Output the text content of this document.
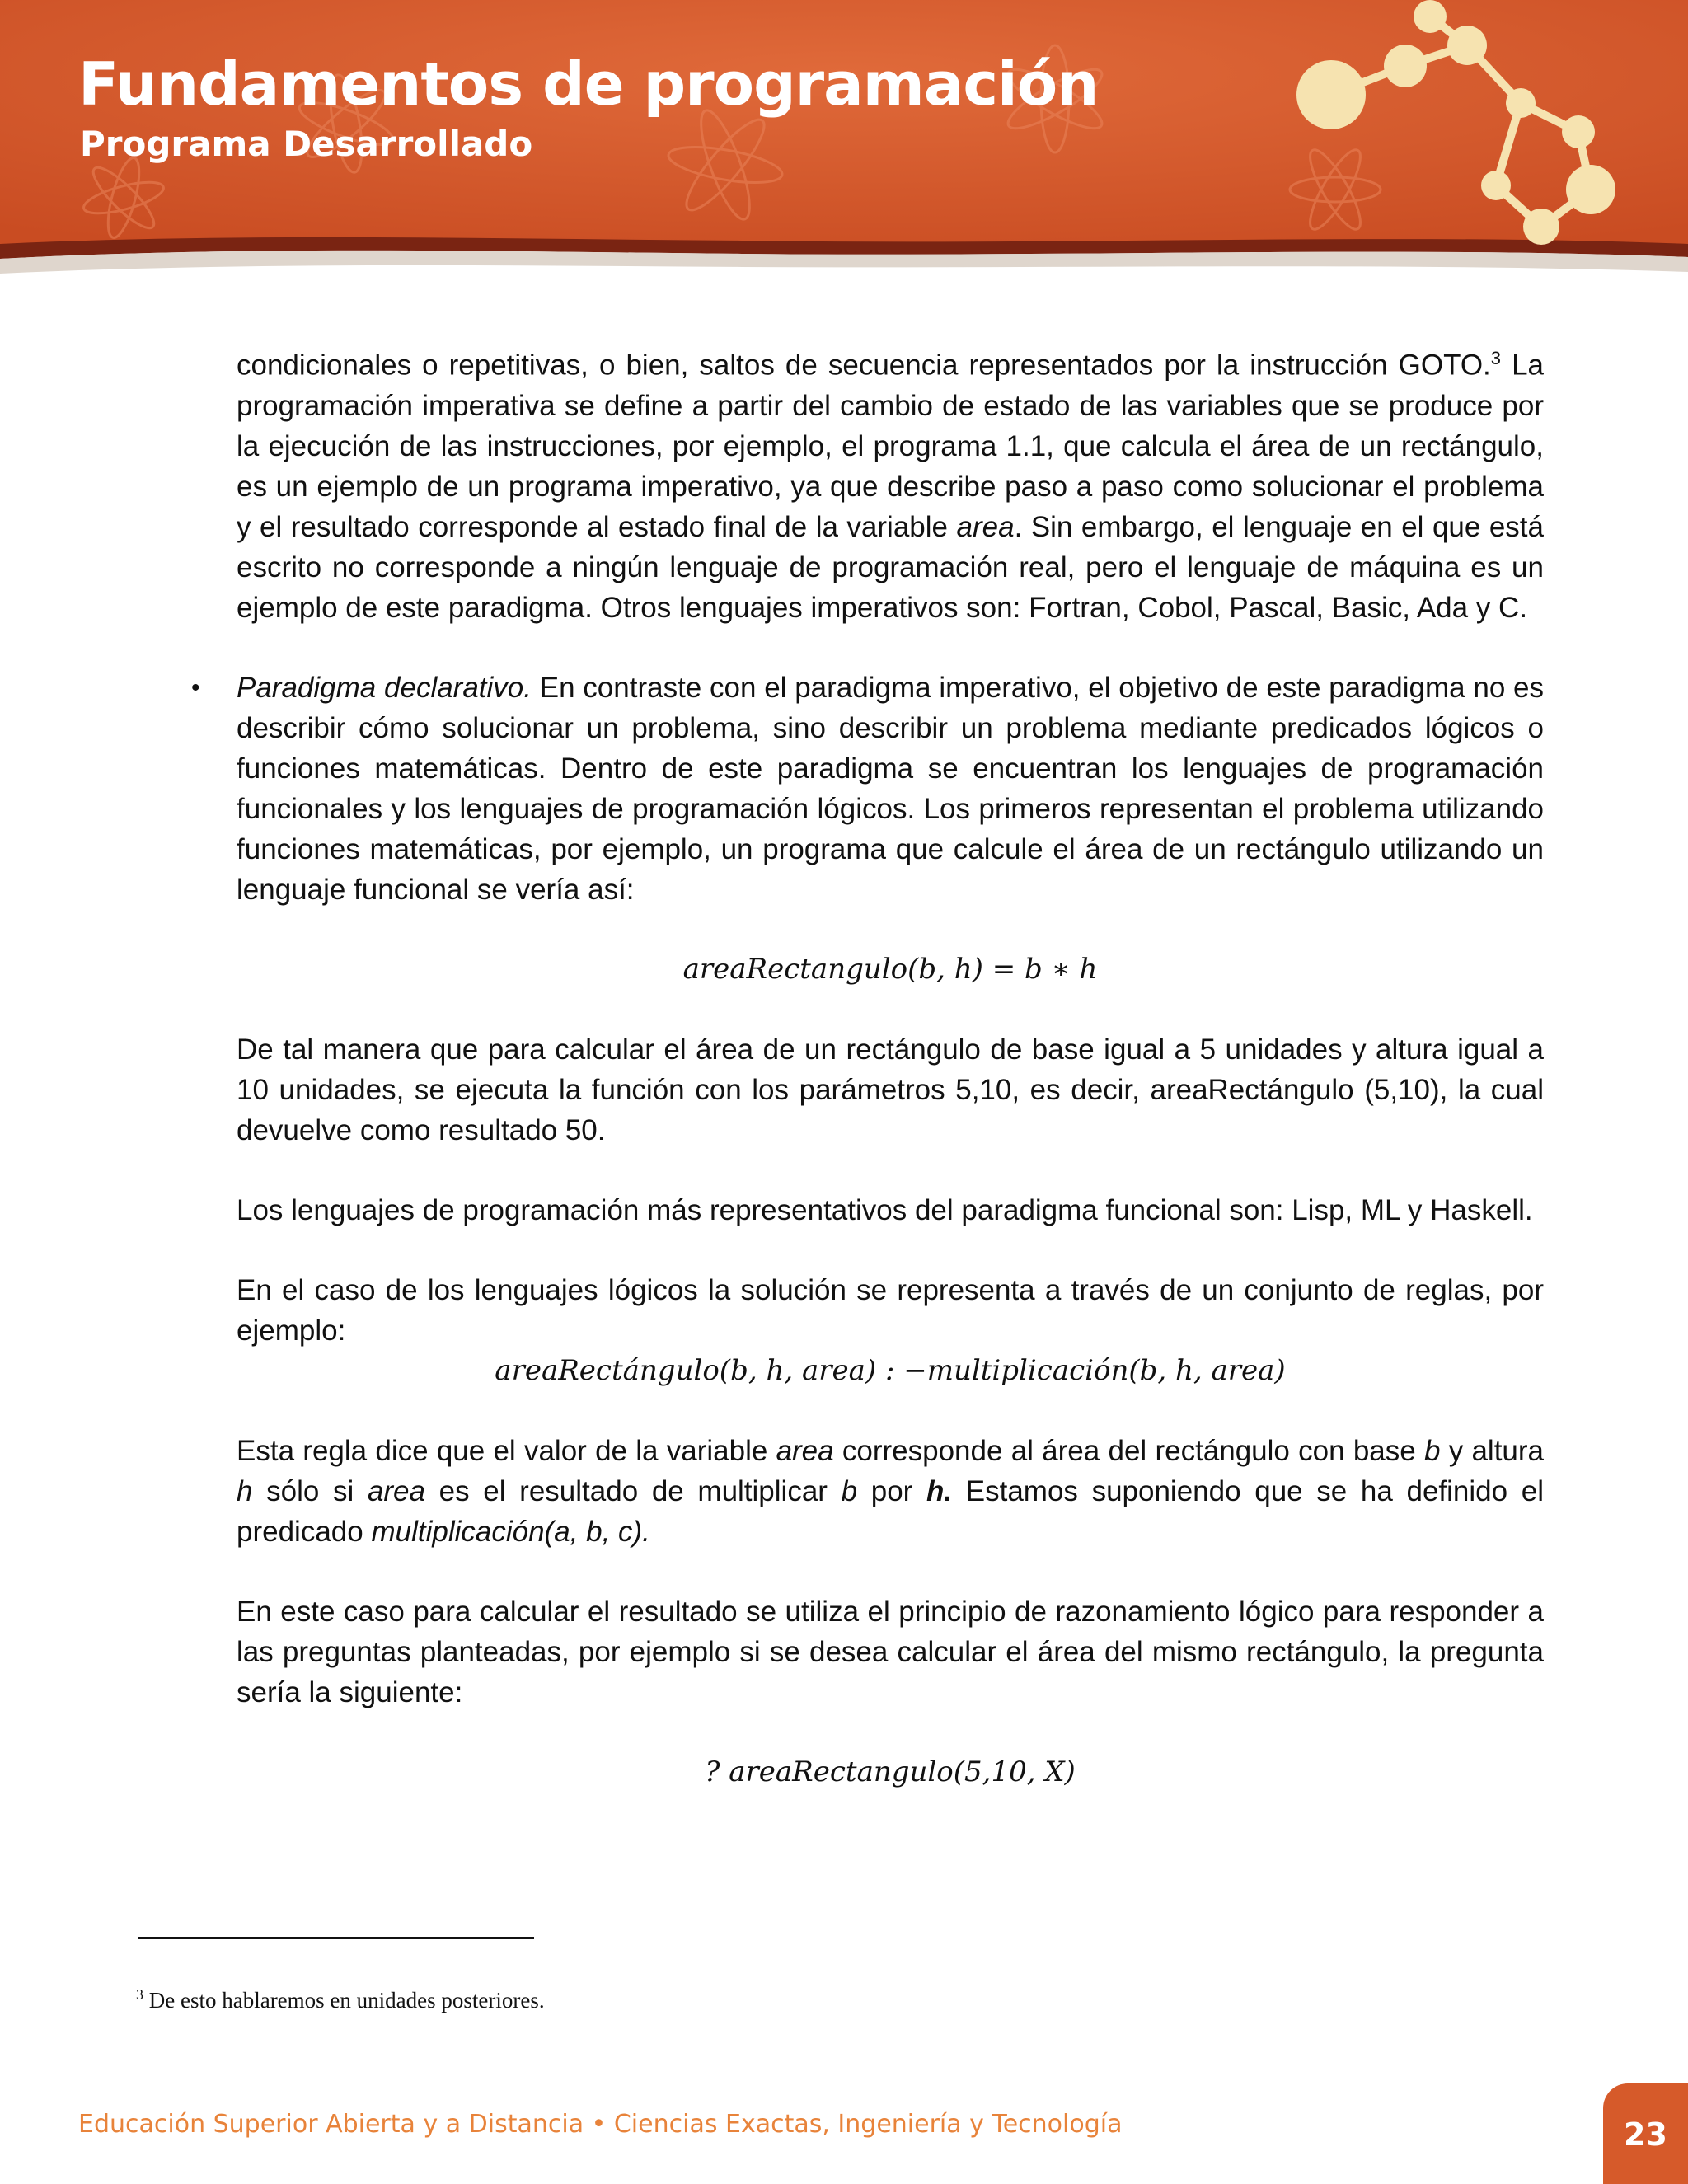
Fundamentos de programación
Programa Desarrollado

condicionales o repetitivas, o bien, saltos de secuencia representados por la instrucción GOTO.$^3$ La programación imperativa se define a partir del cambio de estado de las variables que se produce por la ejecución de las instrucciones, por ejemplo, el programa 1.1, que calcula el área de un rectángulo, es un ejemplo de un programa imperativo, ya que describe paso a paso como solucionar el problema y el resultado corresponde al estado final de la variable area. Sin embargo, el lenguaje en el que está escrito no corresponde a ningún lenguaje de programación real, pero el lenguaje de máquina es un ejemplo de este paradigma. Otros lenguajes imperativos son: Fortran, Cobol, Pascal, Basic, Ada y C.

• Paradigma declarativo. En contraste con el paradigma imperativo, el objetivo de este paradigma no es describir cómo solucionar un problema, sino describir un problema mediante predicados lógicos o funciones matemáticas. Dentro de este paradigma se encuentran los lenguajes de programación funcionales y los lenguajes de programación lógicos. Los primeros representan el problema utilizando funciones matemáticas, por ejemplo, un programa que calcule el área de un rectángulo utilizando un lenguaje funcional se vería así:

areaRectangulo(b, h) = b ∗ h

De tal manera que para calcular el área de un rectángulo de base igual a 5 unidades y altura igual a 10 unidades, se ejecuta la función con los parámetros 5,10, es decir, areaRectángulo (5,10), la cual devuelve como resultado 50.

Los lenguajes de programación más representativos del paradigma funcional son: Lisp, ML y Haskell.

En el caso de los lenguajes lógicos la solución se representa a través de un conjunto de reglas, por ejemplo:

areaRectángulo(b, h, area) : −multiplicación(b, h, area)

Esta regla dice que el valor de la variable area corresponde al área del rectángulo con base b y altura h sólo si area es el resultado de multiplicar b por h. Estamos suponiendo que se ha definido el predicado multiplicación(a, b, c).

En este caso para calcular el resultado se utiliza el principio de razonamiento lógico para responder a las preguntas planteadas, por ejemplo si se desea calcular el área del mismo rectángulo, la pregunta sería la siguiente:

? areaRectangulo(5,10, X)
$^3$ De esto hablaremos en unidades posteriores.
Educación Superior Abierta y a Distancia • Ciencias Exactas, Ingeniería y Tecnología	23
